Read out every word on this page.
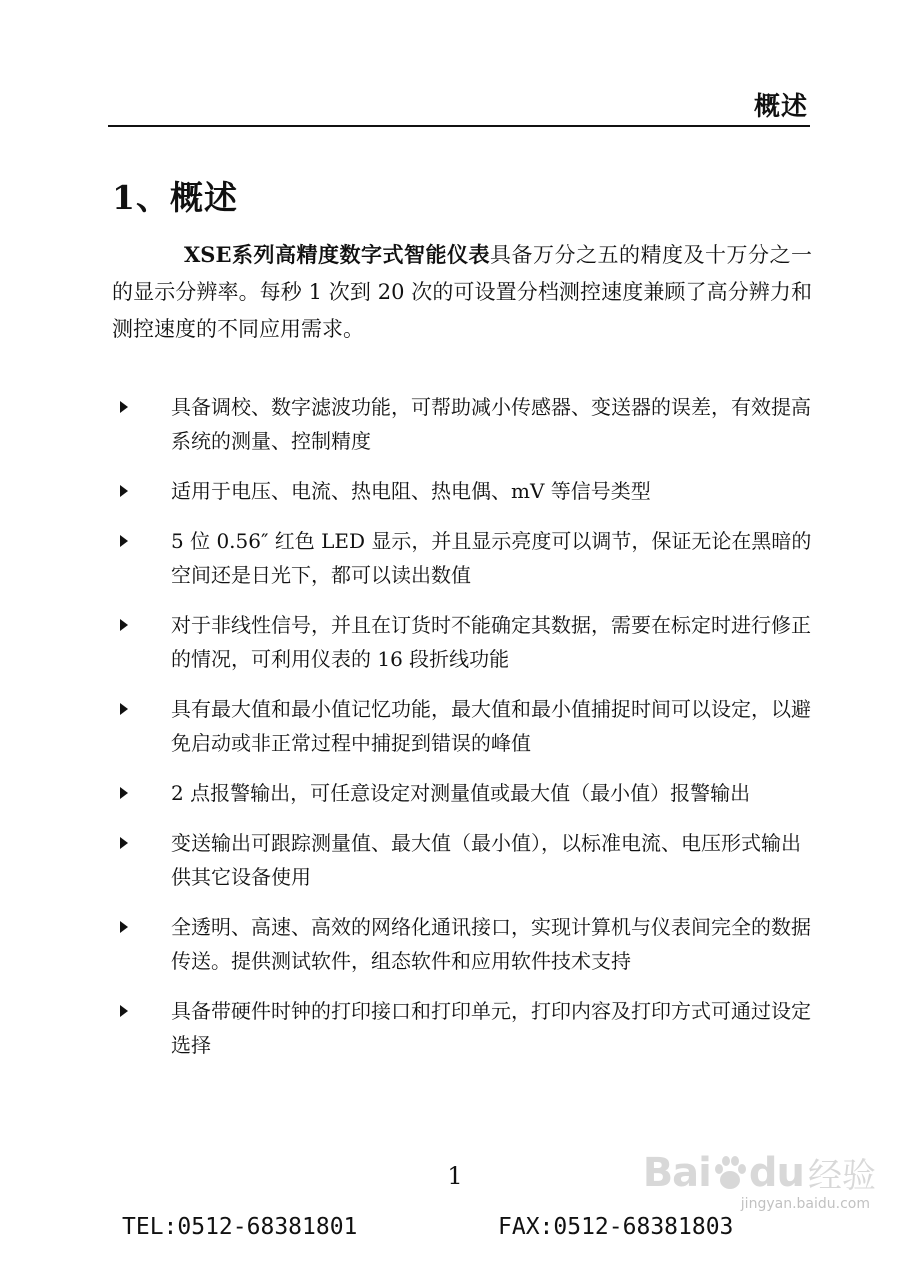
概述
1、概述

XSE系列高精度数字式智能仪表具备万分之五的精度及十万分之一的显示分辨率。每秒 1 次到 20 次的可设置分档测控速度兼顾了高分辨力和测控速度的不同应用需求。

具备调校、数字滤波功能，可帮助减小传感器、变送器的误差，有效提高系统的测量、控制精度
适用于电压、电流、热电阻、热电偶、mV 等信号类型
5 位 0.56″ 红色 LED 显示，并且显示亮度可以调节，保证无论在黑暗的空间还是日光下，都可以读出数值
对于非线性信号，并且在订货时不能确定其数据，需要在标定时进行修正的情况，可利用仪表的 16 段折线功能
具有最大值和最小值记忆功能，最大值和最小值捕捉时间可以设定，以避免启动或非正常过程中捕捉到错误的峰值
2 点报警输出，可任意设定对测量值或最大值（最小值）报警输出
变送输出可跟踪测量值、最大值（最小值），以标准电流、电压形式输出供其它设备使用
全透明、高速、高效的网络化通讯接口，实现计算机与仪表间完全的数据传送。提供测试软件，组态软件和应用软件技术支持
具备带硬件时钟的打印接口和打印单元，打印内容及打印方式可通过设定选择
1
TEL:0512-68381801	FAX:0512-68381803
Bai du 经验
jingyan.baidu.com
